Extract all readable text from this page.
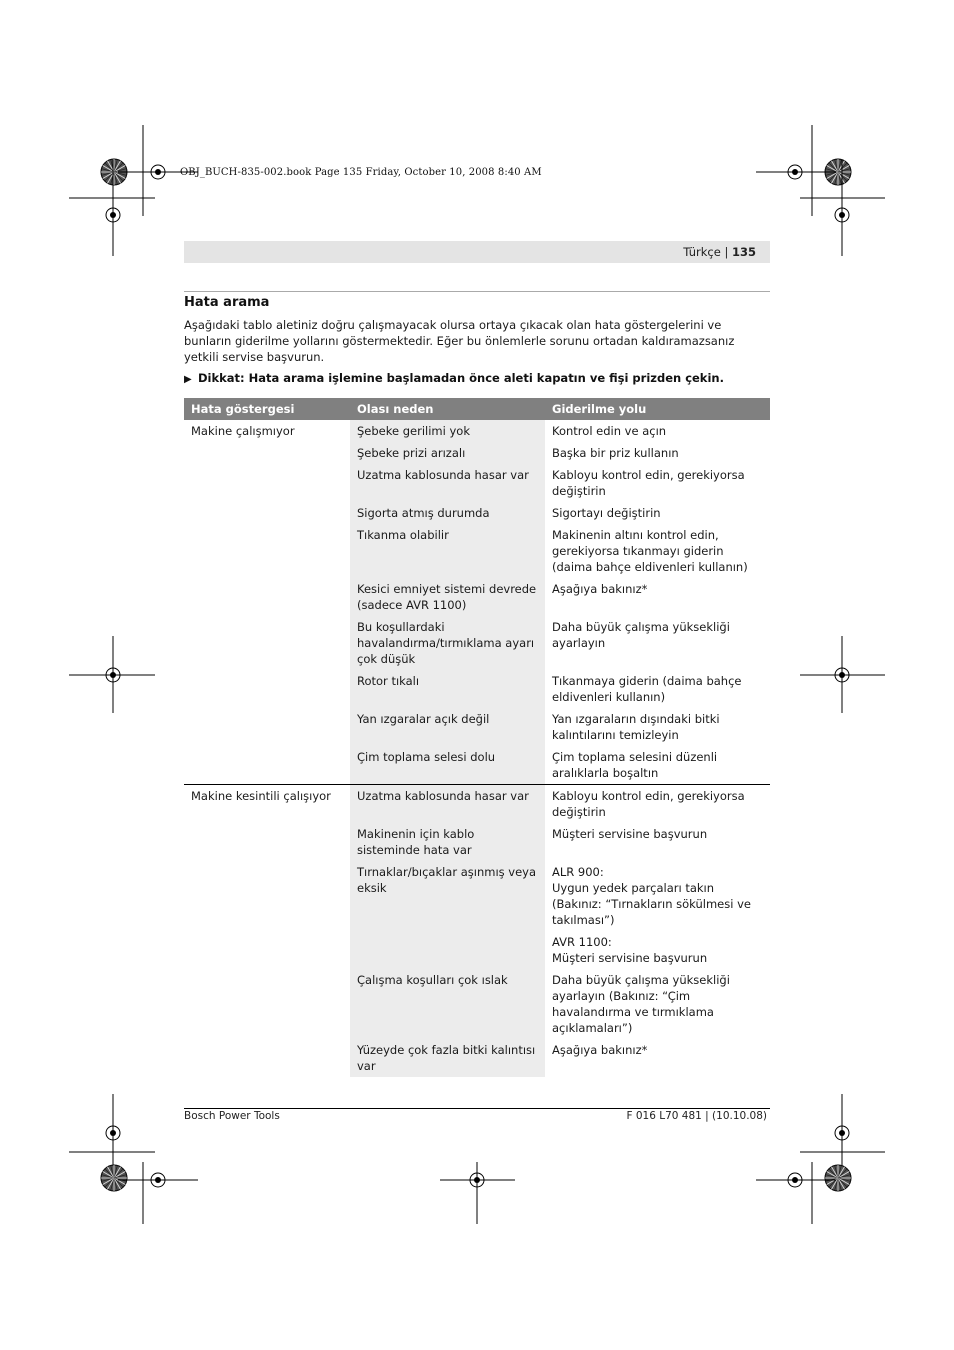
OBJ_BUCH-835-002.book Page 135 Friday, October 10, 2008 8:40 AM
Türkçe | 135
Hata arama
Aşağıdaki tablo aletiniz doğru çalışmayacak olursa ortaya çıkacak olan hata göstergelerini ve bunların giderilme yollarını göstermektedir. Eğer bu önlemlerle sorunu ortadan kaldıramazsanız yetkili servise başvurun.
▶ Dikkat: Hata arama işlemine başlamadan önce aleti kapatın ve fişi prizden çekin.
Hata göstergesi	Olası neden	Giderilme yolu
Makine çalışmıyor	Şebeke gerilimi yok	Kontrol edin ve açın

	Şebeke prizi arızalı	Başka bir priz kullanın

	Uzatma kablosunda hasar var	Kabloyu kontrol edin, gerekiyorsa değiştirin

	Sigorta atmış durumda	Sigortayı değiştirin

	Tıkanma olabilir	Makinenin altını kontrol edin, gerekiyorsa tıkanmayı giderin (daima bahçe eldivenleri kullanın)

	Kesici emniyet sistemi devrede (sadece AVR 1100)	Aşağıya bakınız*

	Bu koşullardaki havalandırma/tırmıklama ayarı çok düşük	Daha büyük çalışma yüksekliği ayarlayın

	Rotor tıkalı	Tıkanmaya giderin (daima bahçe eldivenleri kullanın)

	Yan ızgaralar açık değil	Yan ızgaraların dışındaki bitki kalıntılarını temizleyin

	Çim toplama selesi dolu	Çim toplama selesini düzenli aralıklarla boşaltın

Makine kesintili çalışıyor	Uzatma kablosunda hasar var	Kabloyu kontrol edin, gerekiyorsa değiştirin

	Makinenin için kablo sisteminde hata var	Müşteri servisine başvurun

	Tırnaklar/bıçaklar aşınmış veya eksik	ALR 900:
Uygun yedek parçaları takın (Bakınız: “Tırnakların sökülmesi ve takılması”)
AVR 1100:
Müşteri servisine başvurun

	Çalışma koşulları çok ıslak	Daha büyük çalışma yüksekliği ayarlayın (Bakınız: “Çim havalandırma ve tırmıklama açıklamaları”)

	Yüzeyde çok fazla bitki kalıntısı var	Aşağıya bakınız*
Bosch Power Tools	F 016 L70 481 | (10.10.08)
